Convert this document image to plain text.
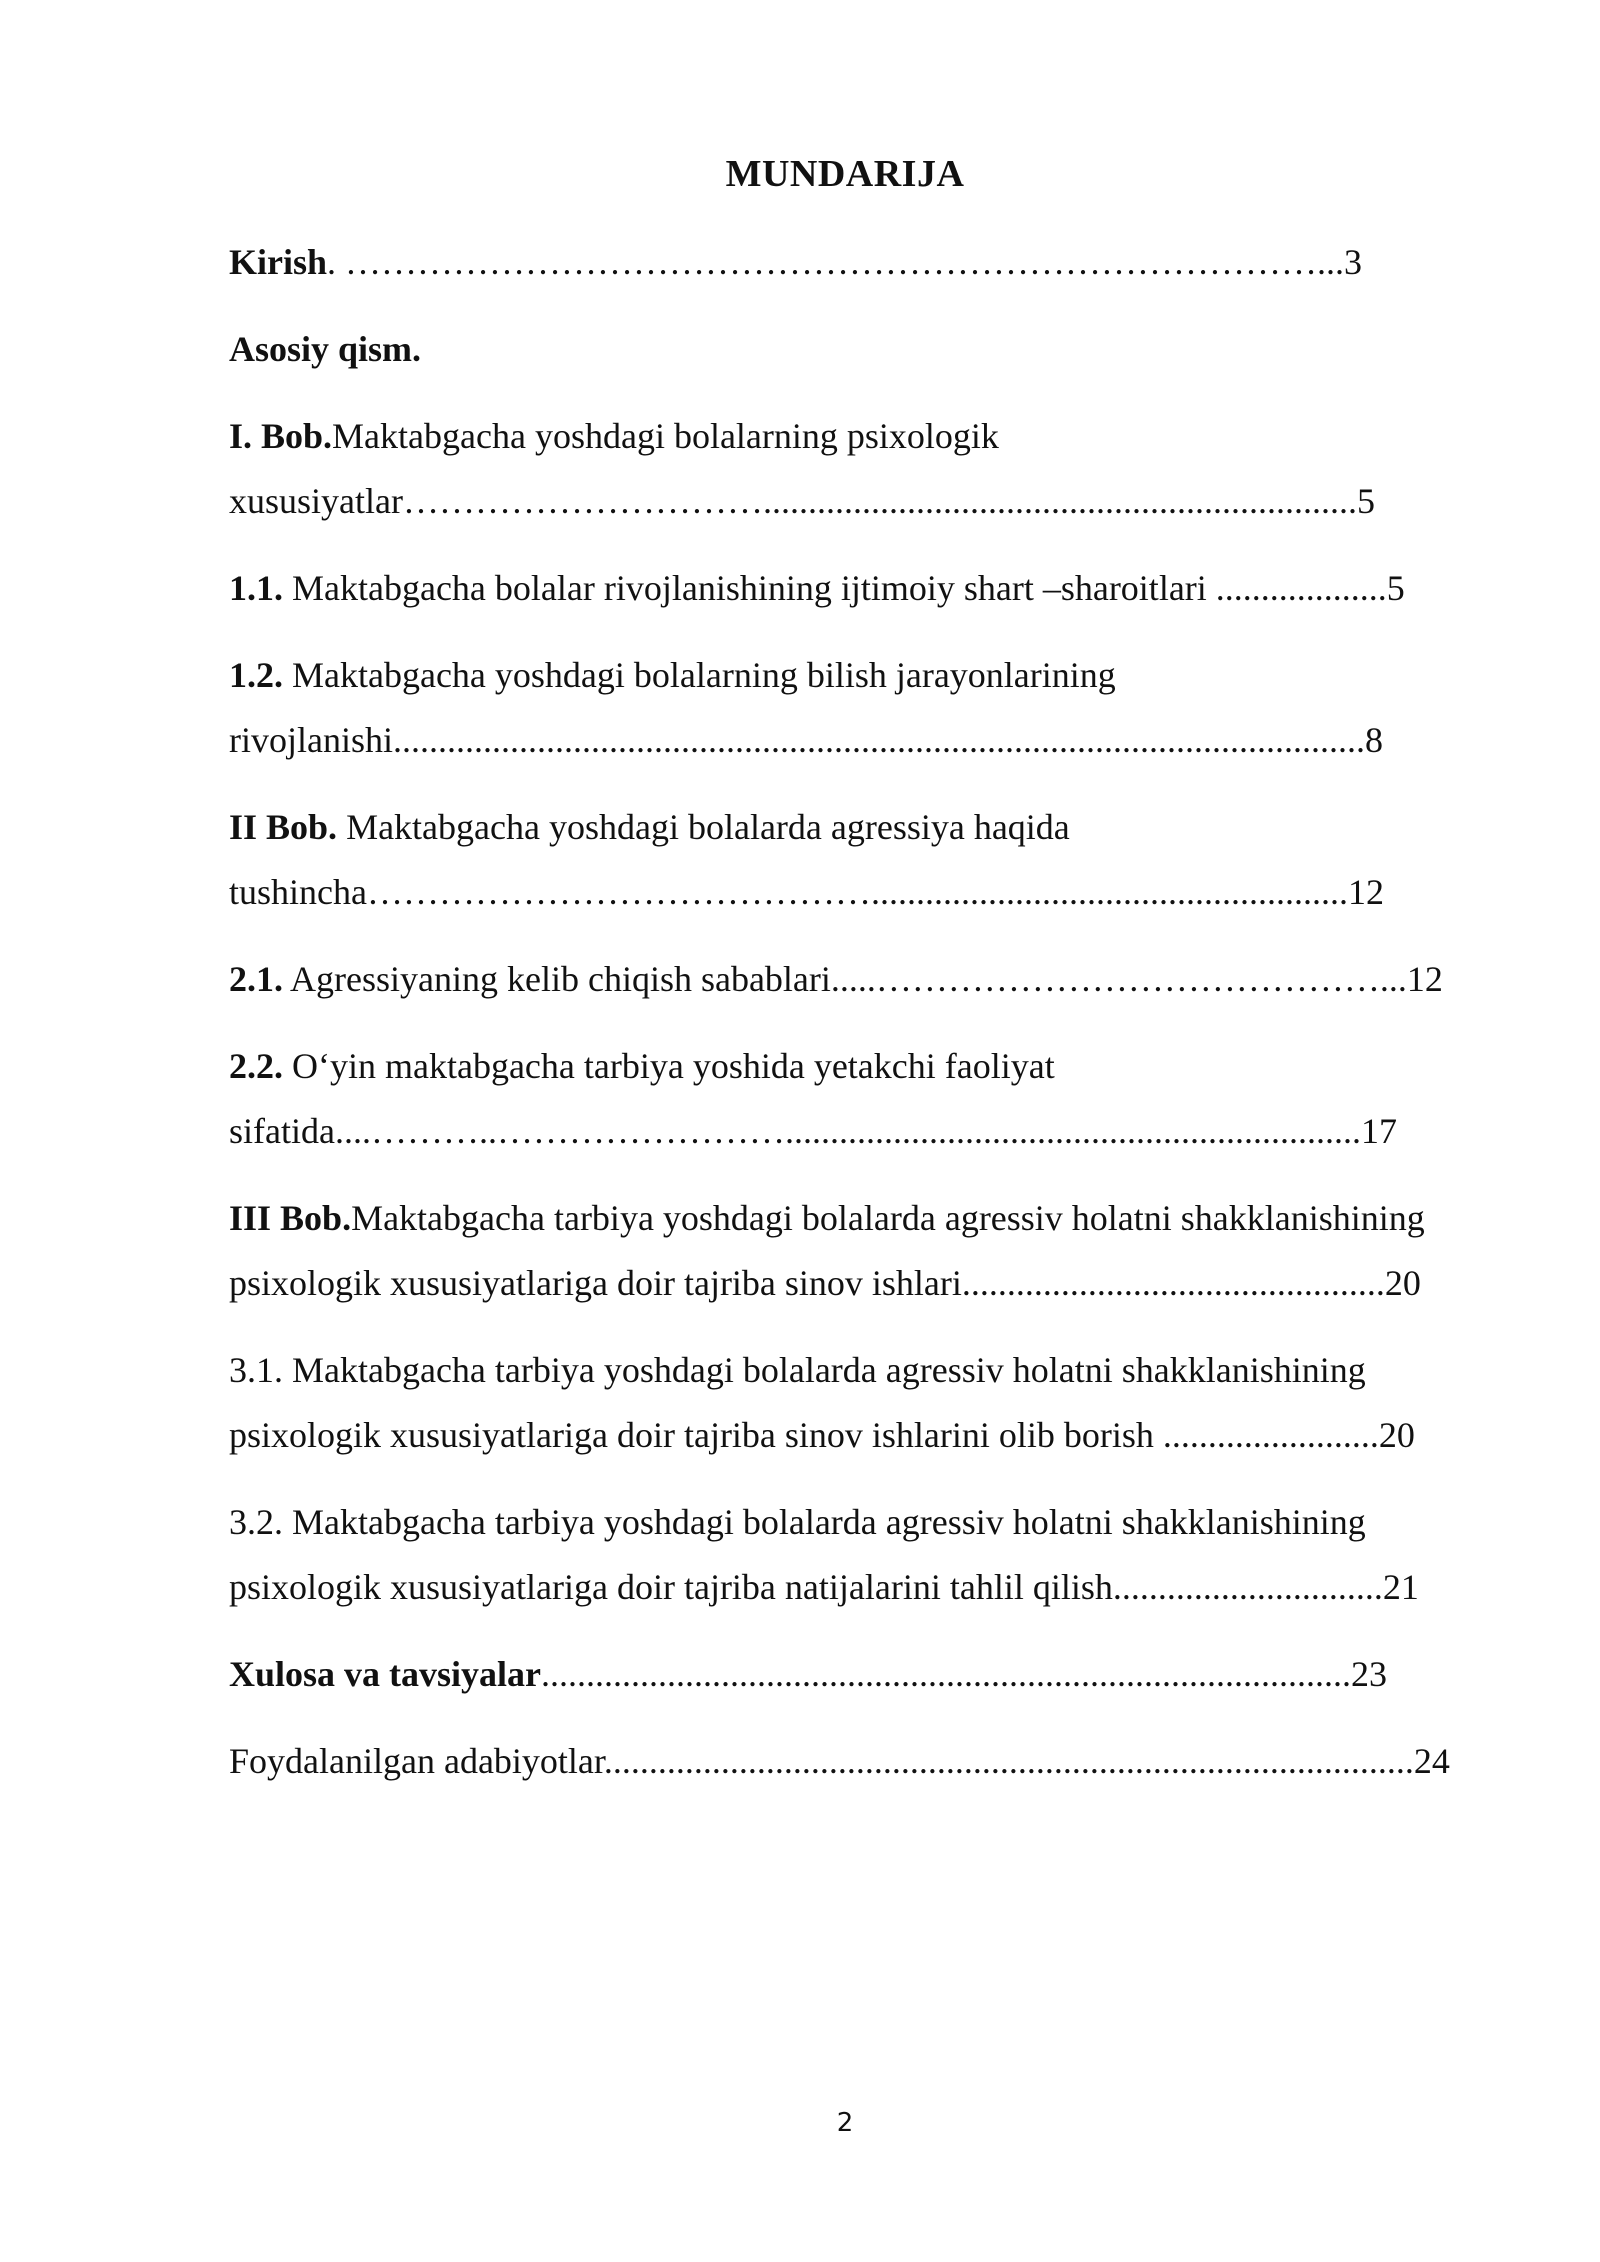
MUNDARIJA
Kirish. ………………………………………………………………………...3
Asosiy qism.
I. Bob.Maktabgacha yoshdagi bolalarning psixologik
xususiyatlar…………………………..................................................................5
1.1. Maktabgacha bolalar rivojlanishining ijtimoiy shart –sharoitlari ...................5
1.2. Maktabgacha yoshdagi bolalarning bilish jarayonlarining
rivojlanishi............................................................................................................8
II Bob. Maktabgacha yoshdagi bolalarda agressiya haqida
tushincha…………………………………….....................................................12
2.1. Agressiyaning kelib chiqish sabablari.....……………………………………...12
2.2. O‘yin maktabgacha tarbiya yoshida yetakchi faoliyat
sifatida....………..……………………................................................................17
III Bob.Maktabgacha tarbiya yoshdagi bolalarda agressiv holatni shakklanishining
psixologik xususiyatlariga doir tajriba sinov ishlari...............................................20
3.1. Maktabgacha tarbiya yoshdagi bolalarda agressiv holatni shakklanishining
psixologik xususiyatlariga doir tajriba sinov ishlarini olib borish ........................20
3.2. Maktabgacha tarbiya yoshdagi bolalarda agressiv holatni shakklanishining
psixologik xususiyatlariga doir tajriba natijalarini tahlil qilish..............................21
Xulosa va tavsiyalar..........................................................................................23
Foydalanilgan adabiyotlar..........................................................................................24
2
